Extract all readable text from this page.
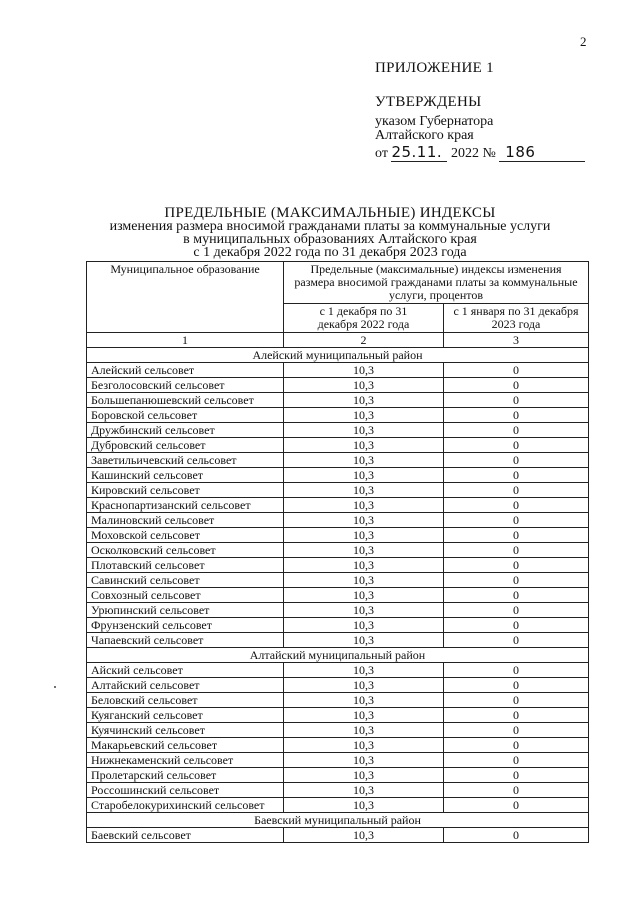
2
ПРИЛОЖЕНИЕ 1
УТВЕРЖДЕНЫ
указом Губернатора
Алтайского края
от 25.11. 2022 № 186
ПРЕДЕЛЬНЫЕ (МАКСИМАЛЬНЫЕ) ИНДЕКСЫ
изменения размера вносимой гражданами платы за коммунальные услуги
в муниципальных образованиях Алтайского края
с 1 декабря 2022 года по 31 декабря 2023 года
Муниципальное образование	Предельные (максимальные) индексы изменения размера вносимой гражданами платы за коммунальные услуги, процентов	
	с 1 декабря по 31 декабря 2022 года	с 1 января по 31 декабря 2023 года
1	2	3
Алейский муниципальный район		
Алейский сельсовет	10,3	0
Безголосовский сельсовет	10,3	0
Большепанюшевский сельсовет	10,3	0
Боровской сельсовет	10,3	0
Дружбинский сельсовет	10,3	0
Дубровский сельсовет	10,3	0
Заветильичевский сельсовет	10,3	0
Кашинский сельсовет	10,3	0
Кировский сельсовет	10,3	0
Краснопартизанский сельсовет	10,3	0
Малиновский сельсовет	10,3	0
Моховской сельсовет	10,3	0
Осколковский сельсовет	10,3	0
Плотавский сельсовет	10,3	0
Савинский сельсовет	10,3	0
Совхозный сельсовет	10,3	0
Урюпинский сельсовет	10,3	0
Фрунзенский сельсовет	10,3	0
Чапаевский сельсовет	10,3	0
Алтайский муниципальный район		
Айский сельсовет	10,3	0
Алтайский сельсовет	10,3	0
Беловский сельсовет	10,3	0
Куяганский сельсовет	10,3	0
Куячинский сельсовет	10,3	0
Макарьевский сельсовет	10,3	0
Нижнекаменский сельсовет	10,3	0
Пролетарский сельсовет	10,3	0
Россошинский сельсовет	10,3	0
Старобелокурихинский сельсовет	10,3	0
Баевский муниципальный район		
Баевский сельсовет	10,3	0
